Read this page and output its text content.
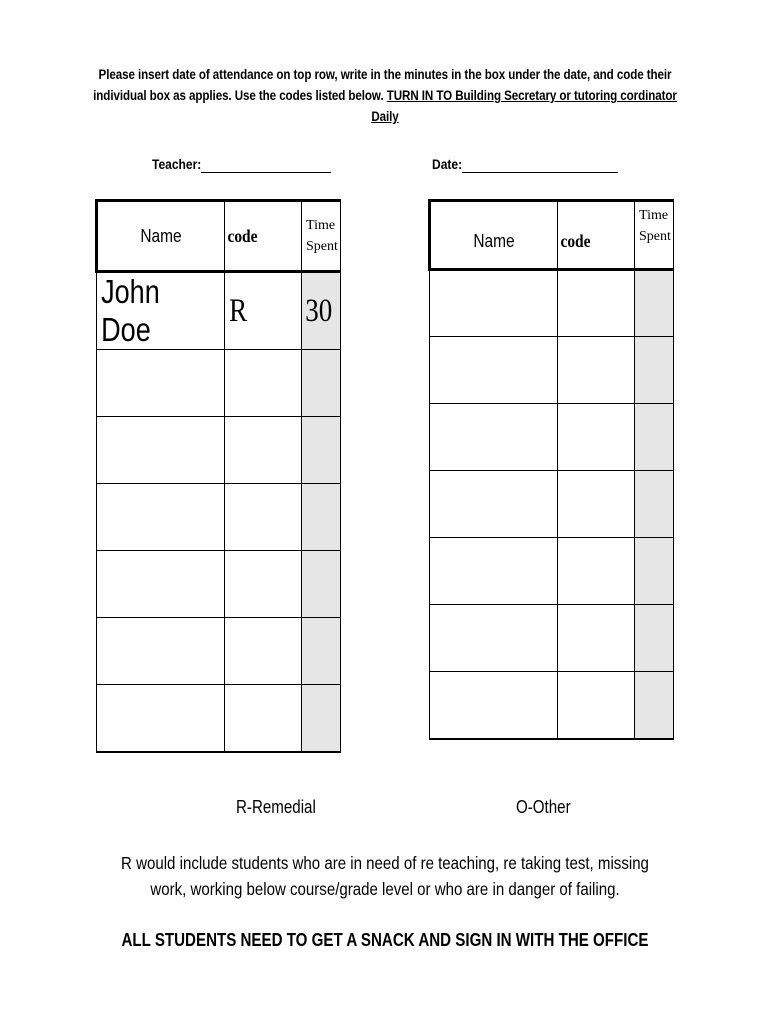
Please insert date of attendance on top row, write in the minutes in the box under the date, and code their individual box as applies. Use the codes listed below. TURN IN TO Building Secretary or tutoring cordinator Daily
Teacher:	Date:
Name	code	Time
Spent

John Doe	R	30

Name	code	Time
Spent

R-Remedial	O-Other
R would include students who are in need of re teaching, re taking test, missing work, working below course/grade level or who are in danger of failing.
ALL STUDENTS NEED TO GET A SNACK AND SIGN IN WITH THE OFFICE
